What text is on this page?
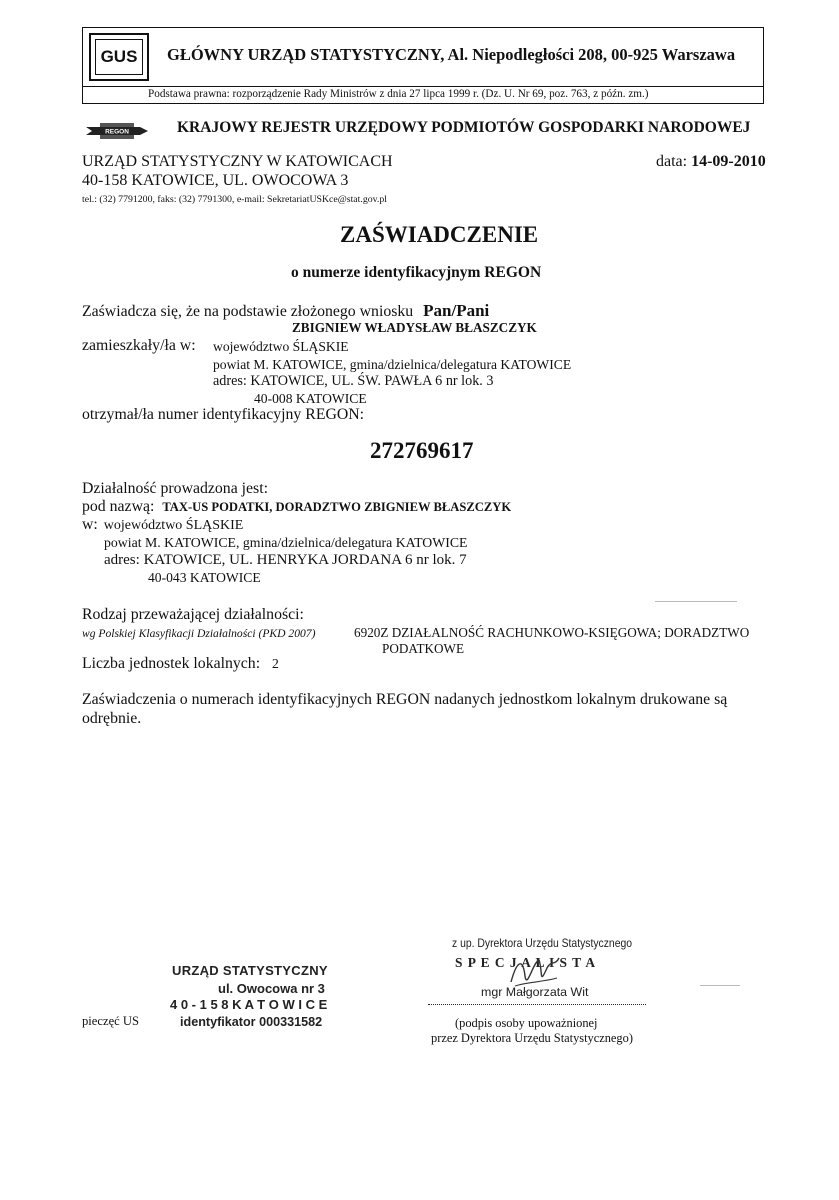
GUS	GŁÓWNY URZĄD STATYSTYCZNY, Al. Niepodległości 208, 00-925 Warszawa
Podstawa prawna: rozporządzenie Rady Ministrów z dnia 27 lipca 1999 r. (Dz. U. Nr 69, poz. 763, z późn. zm.)
REGON	KRAJOWY REJESTR URZĘDOWY PODMIOTÓW GOSPODARKI NARODOWEJ
URZĄD STATYSTYCZNY W KATOWICACH
40-158 KATOWICE, UL. OWOCOWA 3
tel.: (32) 7791200, faks: (32) 7791300, e-mail: SekretariatUSKce@stat.gov.pl
data: 14-09-2010
ZAŚWIADCZENIE
o numerze identyfikacyjnym REGON
Zaświadcza się, że na podstawie złożonego wniosku Pan/Pani
ZBIGNIEW WŁADYSŁAW BŁASZCZYK
zamieszkały/ła w: województwo ŚLĄSKIE
powiat M. KATOWICE, gmina/dzielnica/delegatura KATOWICE
adres: KATOWICE, UL. ŚW. PAWŁA 6 nr lok. 3
40-008 KATOWICE
otrzymał/ła numer identyfikacyjny REGON:
272769617
Działalność prowadzona jest:
pod nazwą: TAX-US PODATKI, DORADZTWO ZBIGNIEW BŁASZCZYK
w: województwo ŚLĄSKIE
powiat M. KATOWICE, gmina/dzielnica/delegatura KATOWICE
adres: KATOWICE, UL. HENRYKA JORDANA 6 nr lok. 7
40-043 KATOWICE
Rodzaj przeważającej działalności:
wg Polskiej Klasyfikacji Działalności (PKD 2007)	6920Z DZIAŁALNOŚĆ RACHUNKOWO-KSIĘGOWA; DORADZTWO
PODATKOWE
Liczba jednostek lokalnych: 2
Zaświadczenia o numerach identyfikacyjnych REGON nadanych jednostkom lokalnym drukowane są
odrębnie.
URZĄD STATYSTYCZNY
ul. Owocowa nr 3
4 0 - 1 5 8 K A T O W I C E
identyfikator 000331582
pieczęć US
z up. Dyrektora Urzędu Statystycznego
S P E C J A L I S T A
mgr Małgorzata Wit
(podpis osoby upoważnionej
przez Dyrektora Urzędu Statystycznego)
